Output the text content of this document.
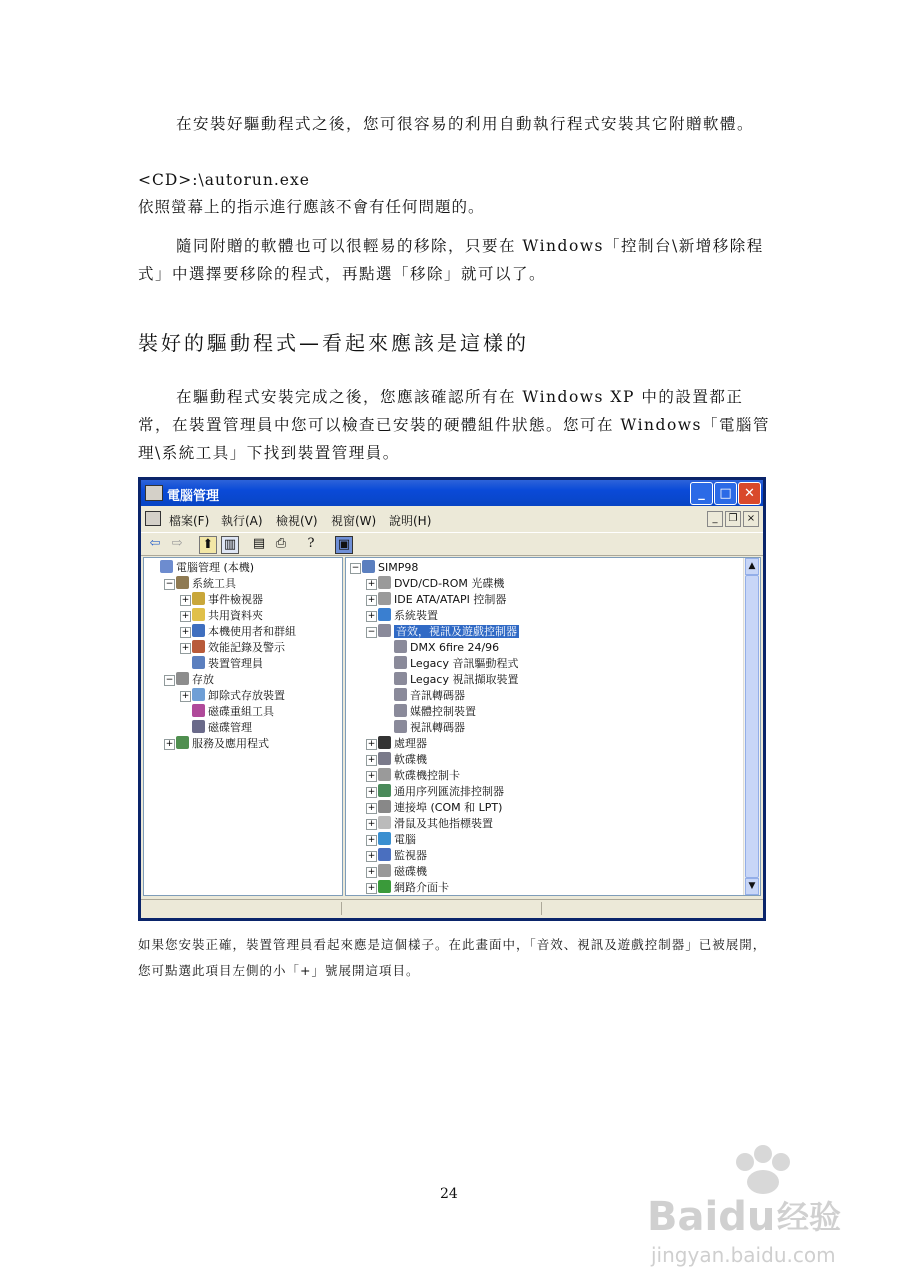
在安裝好驅動程式之後，您可很容易的利用自動執行程式安裝其它附贈軟體。
<CD>:\autorun.exe
依照螢幕上的指示進行應該不會有任何問題的。
隨同附贈的軟體也可以很輕易的移除，只要在 Windows「控制台\新增移除程式」中選擇要移除的程式，再點選「移除」就可以了。
裝好的驅動程式—看起來應該是這樣的
在驅動程式安裝完成之後，您應該確認所有在 Windows XP 中的設置都正常，在裝置管理員中您可以檢查已安裝的硬體組件狀態。您可在 Windows「電腦管理\系統工具」下找到裝置管理員。
電腦管理	_	□ ✕
檔案(F) 執行(A) 檢視(V) 視窗(W) 說明(H)	_	❐ ×
⇦ ⇨ ⬆ ▥ ▤ ⎙	?	▣
電腦管理 (本機)
− 系統工具
+ 事件檢視器
+ 共用資料夾
+ 本機使用者和群組
+ 效能記錄及警示
裝置管理員
− 存放
+ 卸除式存放裝置
磁碟重組工具
磁碟管理
+ 服務及應用程式
▲
▼
− SIMP98
+ DVD/CD-ROM 光碟機
+ IDE ATA/ATAPI 控制器
+ 系統裝置
− 音效，視訊及遊戲控制器
DMX 6fire 24/96
Legacy 音訊驅動程式
Legacy 視訊擷取裝置
音訊轉碼器
媒體控制裝置
視訊轉碼器
+ 處理器
+ 軟碟機
+ 軟碟機控制卡
+ 通用序列匯流排控制器
+ 連接埠 (COM 和 LPT)
+ 滑鼠及其他指標裝置
+ 電腦
+ 監視器
+ 磁碟機
+ 網路介面卡
如果您安裝正確，裝置管理員看起來應是這個樣子。在此畫面中，「音效、視訊及遊戲控制器」已被展開，您可點選此項目左側的小「+」號展開這項目。
24	Baidu 经验
jingyan.baidu.com
